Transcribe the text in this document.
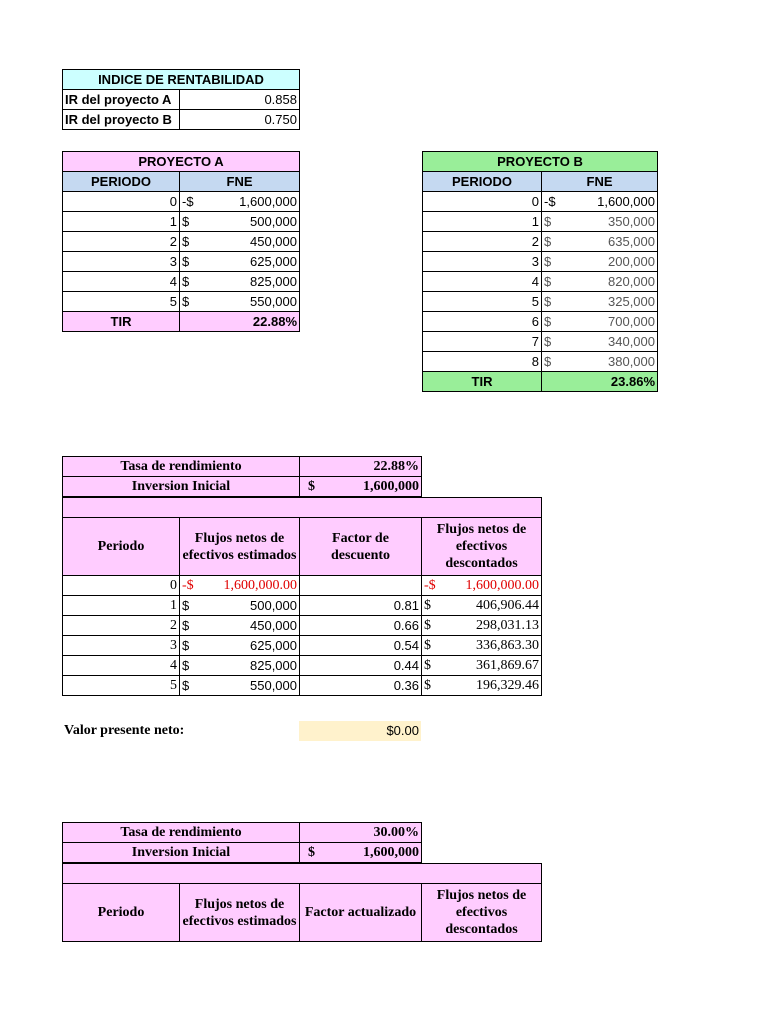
INDICE DE RENTABILIDAD	
IR del proyecto A	0.858
IR del proyecto B	0.750
PROYECTO A	
PERIODO	FNE
0	-$ 1,600,000

1	$ 500,000

2	$ 450,000

3	$ 625,000

4	$ 825,000

5	$ 550,000

TIR	22.88%
PROYECTO B	
PERIODO	FNE
0	-$ 1,600,000

1	$ 350,000

2	$ 635,000

3	$ 200,000

4	$ 820,000

5	$ 325,000

6	$ 700,000

7	$ 340,000

8	$ 380,000

TIR	23.86%
Tasa de rendimiento	22.88%
Inversion Inicial	$ 1,600,000

Periodo	Flujos netos de efectivos estimados	Factor de descuento	Flujos netos de efectivos descontados
0	-$ 1,600,000.00		-$ 1,600,000.00

1	$ 500,000	0.81	$ 406,906.44

2	$ 450,000	0.66	$ 298,031.13

3	$ 625,000	0.54	$ 336,863.30

4	$ 825,000	0.44	$ 361,869.67

5	$ 550,000	0.36	$ 196,329.46
Valor presente neto:	$0.00
Tasa de rendimiento	30.00%
Inversion Inicial	$ 1,600,000

Periodo	Flujos netos de efectivos estimados	Factor actualizado	Flujos netos de efectivos descontados
